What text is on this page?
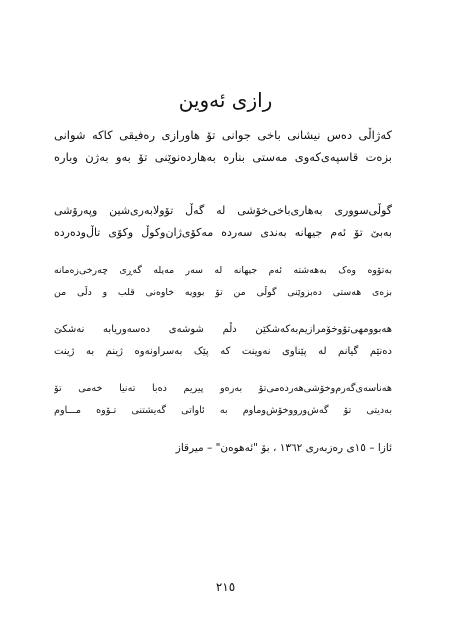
رازی ئەوین
کەژاڵی دەس نیشانی باخی جوانی تۆ هاورازی رەفیقی کاکە شوانی
بزەت قاسپەی‌کەوی مەستی بنارە بەهاردەنوێنی تۆ بەو بەژن وبارە
گوڵی‌سووری بەهاری‌باخی‌خۆشی لە گەڵ تۆ‌ولابەری‌شین وپەرۆشی
بەبێ تۆ ئەم جیهانە بەندی سەردە مەکۆی‌ژان‌وکوڵ وکۆی تاڵ‌ودەردە
بەتۆوە وەک بەهەشتە ئەم جیهانە لە سەر مەیلە گەڕی چەرخی‌زەمانە
بزەی هەستی دەبزوێنی گوڵی من تۆ بوویە خاوەنی قلب و دڵی من
هەبوومهی‌تۆوخۆمرازیم‌بەکەشکێن دڵم شوشەی دەسەوریابە نەشکێ
دەنێم گیانم لە پێناوی نەوینت کە پێک بەسراونەوە ژینم بە ژینت
هەناسەی‌گەرم‌وخۆشی‌هەردەمی‌تۆ بەرەو پیریم دەبا تەنیا خەمی تۆ
بەدیتی تۆ گەش‌وروو‌خۆش‌وماوم بە ئاواتی گەیشتنی تـۆوە مـــاوم
ئازا – ١٥ی رەزبەری ١٣٦٢ ، بۆ "ئەهوەن" – میرقاز
٢١٥
